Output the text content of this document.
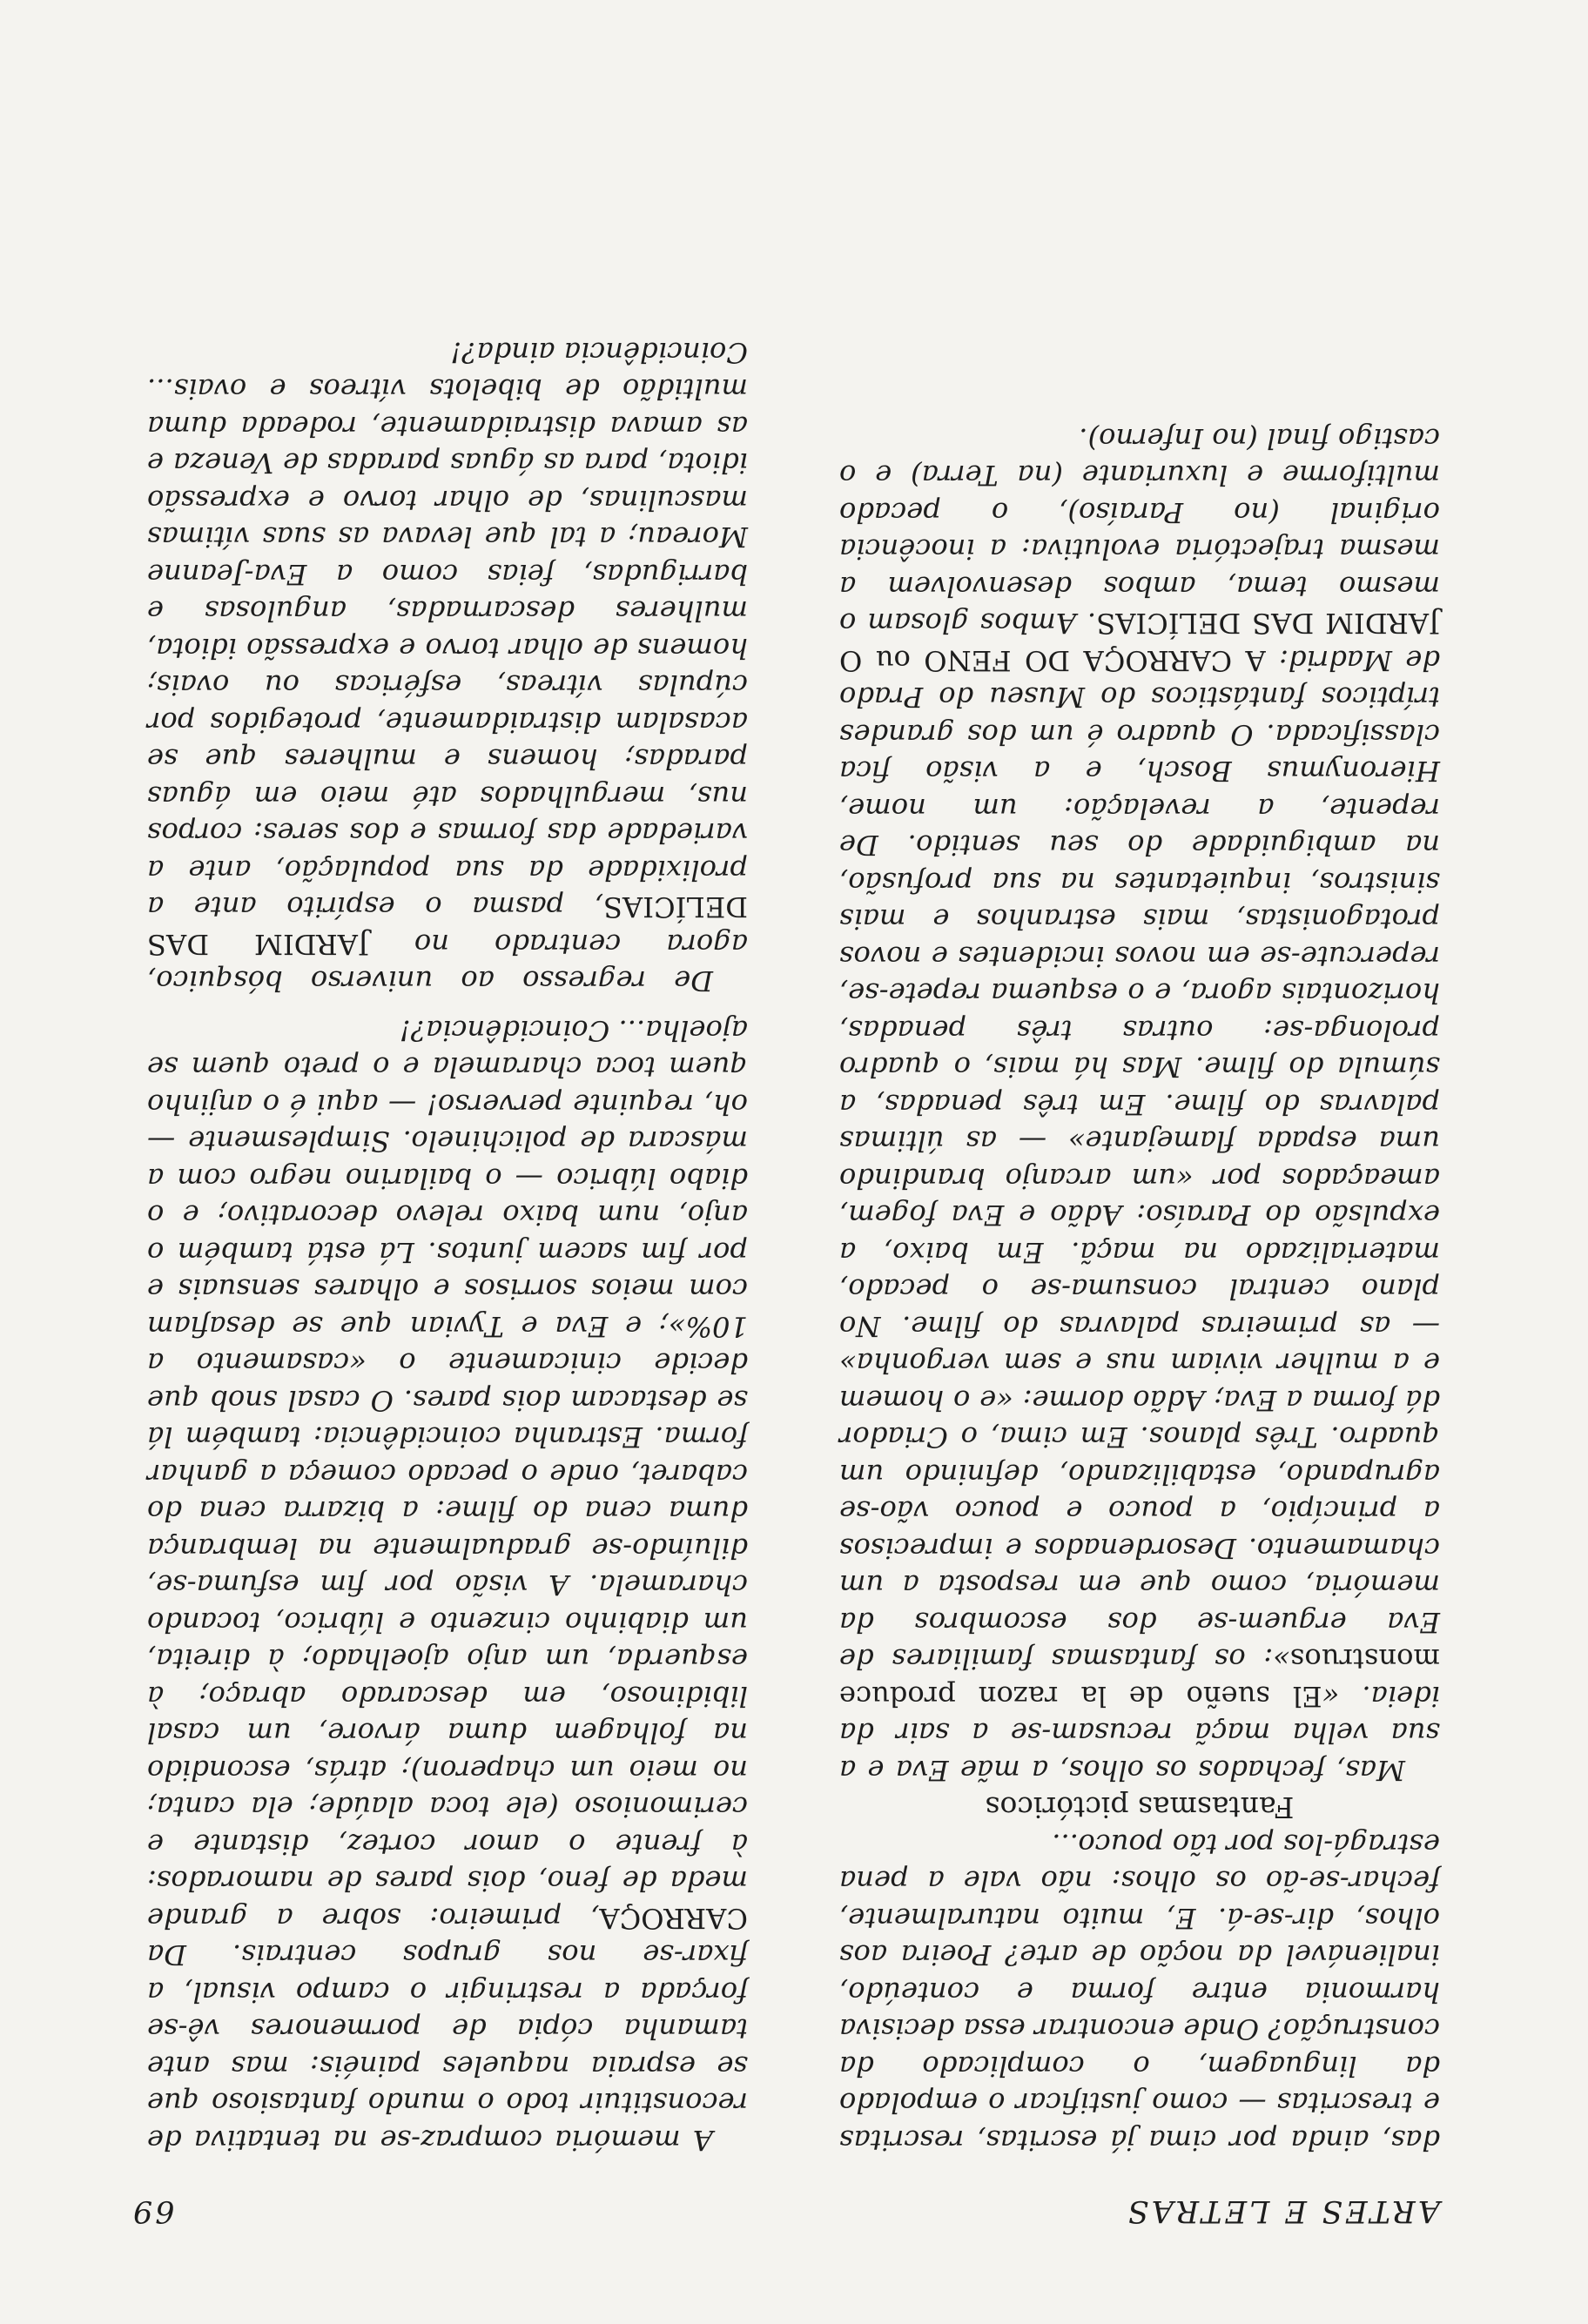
ARTES E LETRAS
69

das, ainda por cima já escritas, rescritas e trescritas — como justificar o empolado da linguagem, o complicado da construção? Onde encontrar essa decisiva harmonia entre forma e conteúdo, inalienável da noção de arte? Poeira aos olhos, dir-se-á. E, muito naturalmente, fechar-se-ão os olhos: não vale a pena estragá-los por tão pouco...

Fantasmas pictóricos

Mas, fechados os olhos, a mãe Eva e a sua velha maçã recusam-se a sair da ideia. «El sueño de la razon produce monstruos»: os fantasmas familiares de Eva erguem-se dos escombros da memória, como que em resposta a um chamamento. Desordenados e imprecisos a princípio, a pouco e pouco vão-se agrupando, estabilizando, definindo um quadro. Três planos. Em cima, o Criador dá forma a Eva; Adão dorme: «e o homem e a mulher viviam nus e sem vergonha» — as primeiras palavras do filme. No plano central consuma-se o pecado, materializado na maçã. Em baixo, a expulsão do Paraíso: Adão e Eva fogem, ameaçados por «um arcanjo brandindo uma espada flamejante» — as últimas palavras do filme. Em três penadas, a súmula do filme. Mas há mais, o quadro prolonga-se: outras três penadas, horizontais agora, e o esquema repete-se, repercute-se em novos incidentes e novos protagonistas, mais estranhos e mais sinistros, inquietantes na sua profusão, na ambiguidade do seu sentido. De repente, a revelação: um nome, Hieronymus Bosch, e a visão fica classificada. O quadro é um dos grandes trípticos fantásticos do Museu do Prado de Madrid: A CARROÇA DO FENO ou O JARDIM DAS DELÍCIAS. Ambos glosam o mesmo tema, ambos desenvolvem a mesma trajectória evolutiva: a inocência original (no Paraíso), o pecado multiforme e luxuriante (na Terra) e o castigo final (no Inferno).

A memória compraz-se na tentativa de reconstituir todo o mundo fantasioso que se espraia naqueles painéis: mas ante tamanha cópia de pormenores vê-se forçada a restringir o campo visual, a fixar-se nos grupos centrais. Da CARROÇA, primeiro: sobre a grande meda de feno, dois pares de namorados: à frente o amor cortez, distante e cerimonioso (ele toca alaúde; ela canta; no meio um chaperon); atrás, escondido na folhagem duma árvore, um casal libidinoso, em descarado abraço; à esquerda, um anjo ajoelhado; à direita, um diabinho cinzento e lúbrico, tocando charamela. A visão por fim esfuma-se, diluíndo-se gradualmente na lembrança duma cena do filme: a bizarra cena do cabaret, onde o pecado começa a ganhar forma. Estranha coincidência: também lá se destacam dois pares. O casal snob que decide cinicamente o «casamento a 10%»; e Eva e Tyvian que se desafiam com meios sorrisos e olhares sensuais e por fim sacem juntos. Lá está também o anjo, num baixo relevo decorativo; e o diabo lúbrico — o bailarino negro com a máscara de polichinelo. Simplesmente — oh, requinte perverso! — aqui é o anjinho quem toca charamela e o preto quem se ajoelha... Coincidência?!

De regresso ao universo bósquico, agora centrado no JARDIM DAS DELÍCIAS, pasma o espírito ante a prolixidade da sua população, ante a variedade das formas e dos seres: corpos nus, mergulhados até meio em águas paradas; homens e mulheres que se acasalam distraidamente, protegidos por cúpulas vítreas, esféricas ou ovais; homens de olhar torvo e expressão idiota, mulheres descarnadas, angulosas e barrigudas, feias como a Eva-Jeanne Moreau; a tal que levava as suas vítimas masculinas, de olhar torvo e expressão idiota, para as águas paradas de Veneza e as amava distraidamente, rodeada duma multidão de bibelots vítreos e ovais... Coincidência ainda?!
